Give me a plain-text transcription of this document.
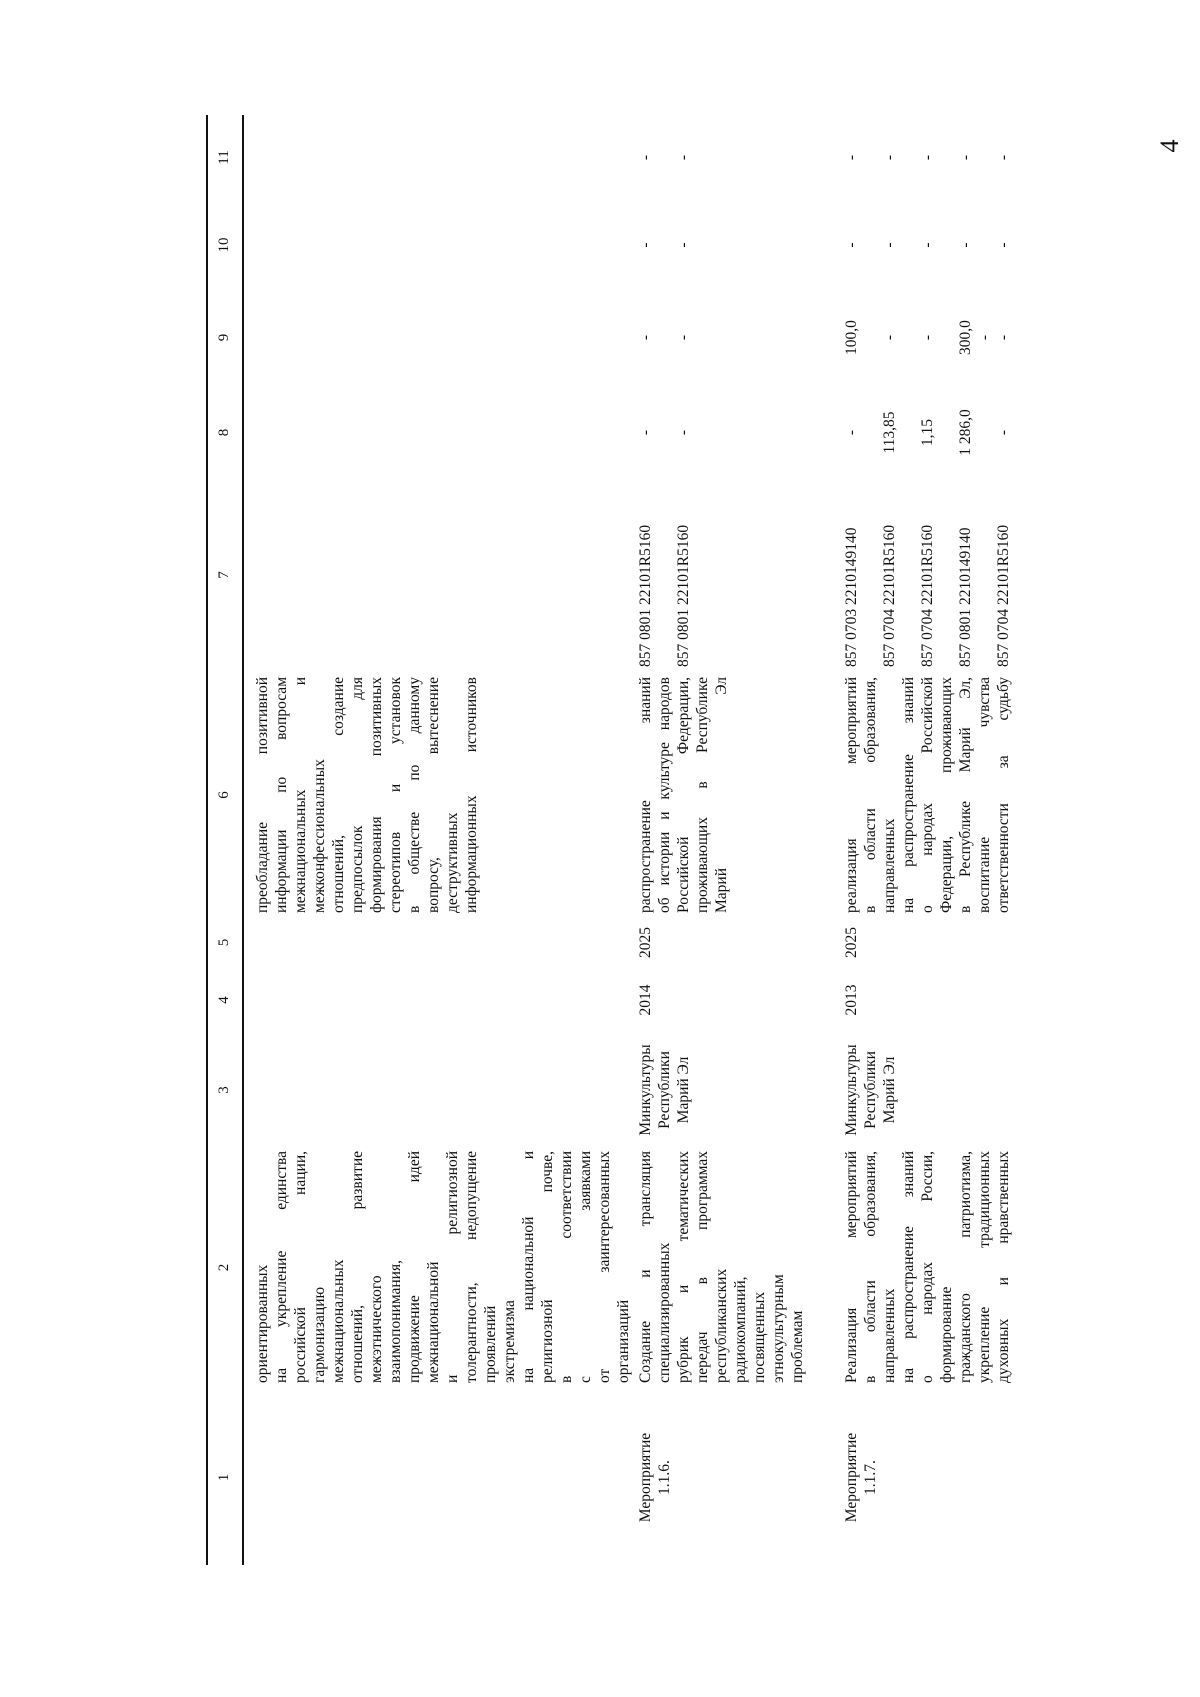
4
1
2
3
4
5
6
7
8
9
10
11
ориентированных на укрепление единства российской нации, гармонизацию межнациональных отношений, развитие межэтнического взаимопонимания, продвижение идей межнациональной и религиозной толерантности, недопущение проявлений экстремизма на национальной и религиозной почве, в соответствии с заявками от заинтересованных организаций
преобладание позитивной информации по вопросам межнациональных и межконфессиональных отношений, создание предпосылок для формирования позитивных стереотипов и установок в обществе по данному вопросу, вытеснение деструктивных информационных источников
Мероприятие
1.1.6.
Создание и трансляция специализированных рубрик и тематических передач в программах республиканских радиокомпаний, посвященных этнокультурным проблемам
Минкультуры
Республики
Марий Эл
2014
2025
распространение знаний об истории и культуре народов Российской Федерации, проживающих в Республике Марий Эл
857 0801 22101R5160 857 0801 22101R5160
- -
- -
- -
- -
Мероприятие
1.1.7.
Реализация мероприятий в области образования, направленных на распространение знаний о народах России, формирование гражданского патриотизма, укрепление традиционных духовных и нравственных
Минкультуры
Республики
Марий Эл
2013
2025
реализация мероприятий в области образования, направленных на распространение знаний о народах Российской Федерации, проживающих в Республике Марий Эл, воспитание чувства ответственности за судьбу
857 0703 2210149140 857 0704 22101R5160 857 0704 22101R5160 857 0801 2210149140 857 0704 22101R5160
- 113,85 1,15 1 286,0 -
100,0 - - 300,0 - -
- - - - -
- - - - -
